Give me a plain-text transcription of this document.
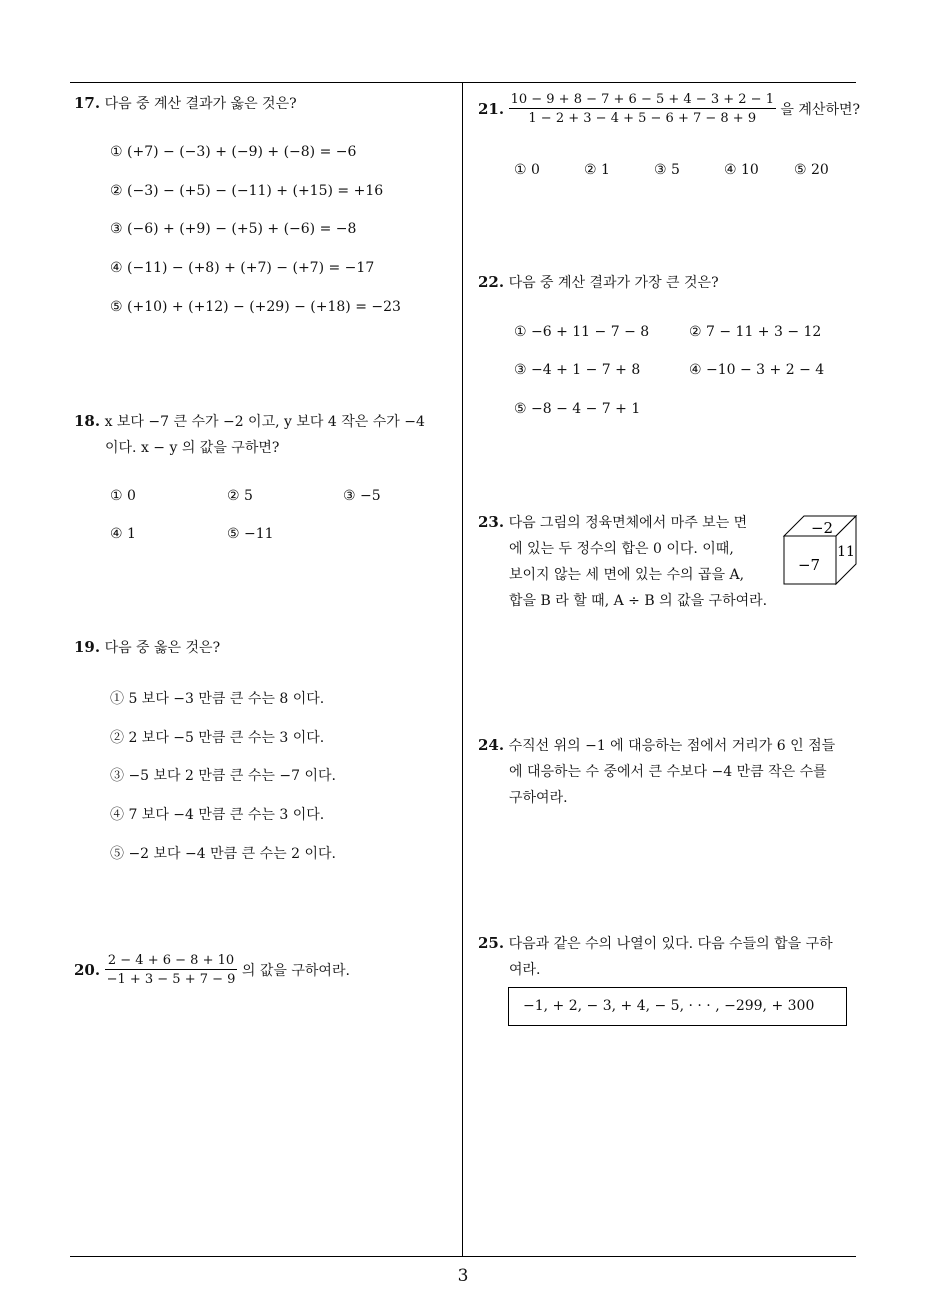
17. 다음 중 계산 결과가 옳은 것은?
① (+7) − (−3) + (−9) + (−8) = −6
② (−3) − (+5) − (−11) + (+15) = +16
③ (−6) + (+9) − (+5) + (−6) = −8
④ (−11) − (+8) + (+7) − (+7) = −17
⑤ (+10) + (+12) − (+29) − (+18) = −23
18. x 보다 −7 큰 수가 −2 이고, y 보다 4 작은 수가 −4
이다. x − y 의 값을 구하면?
① 0	② 5	③ −5
④ 1	⑤ −11
19. 다음 중 옳은 것은?
① 5 보다 −3 만큼 큰 수는 8 이다.
② 2 보다 −5 만큼 큰 수는 3 이다.
③ −5 보다 2 만큼 큰 수는 −7 이다.
④ 7 보다 −4 만큼 큰 수는 3 이다.
⑤ −2 보다 −4 만큼 큰 수는 2 이다.
20. $\frac{2 - 4 + 6 - 8 + 10}{-1 + 3 - 5 + 7 - 9}$ 의 값을 구하여라.
21. $\frac{10 - 9 + 8 - 7 + 6 - 5 + 4 - 3 + 2 - 1}{1 - 2 + 3 - 4 + 5 - 6 + 7 - 8 + 9}$ 을 계산하면?
① 0	② 1	③ 5	④ 10	⑤ 20
22. 다음 중 계산 결과가 가장 큰 것은?
① −6 + 11 − 7 − 8	② 7 − 11 + 3 − 12
③ −4 + 1 − 7 + 8	④ −10 − 3 + 2 − 4
⑤ −8 − 4 − 7 + 1
23. 다음 그림의 정육면체에서 마주 보는 면
에 있는 두 정수의 합은 0 이다. 이때,
보이지 않는 세 면에 있는 수의 곱을 A,
합을 B 라 할 때, A ÷ B 의 값을 구하여라.
−2
−7
11
24. 수직선 위의 −1 에 대응하는 점에서 거리가 6 인 점들
에 대응하는 수 중에서 큰 수보다 −4 만큼 작은 수를
구하여라.
25. 다음과 같은 수의 나열이 있다. 다음 수들의 합을 구하
여라.
−1, + 2, − 3, + 4, − 5, · · · , −299, + 300
3
